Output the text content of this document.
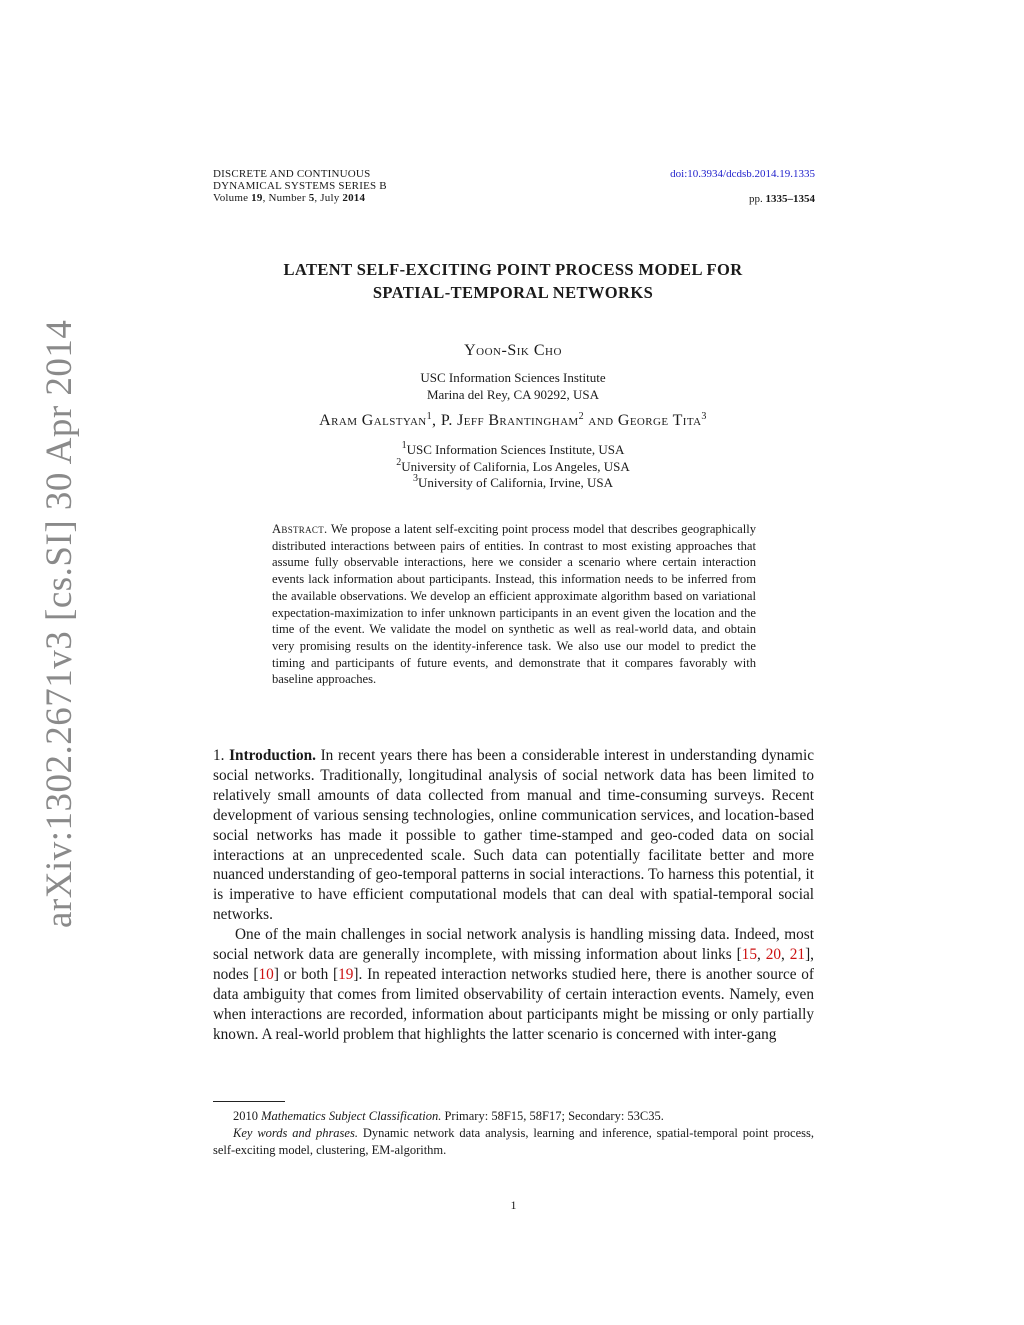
DISCRETE AND CONTINUOUS
DYNAMICAL SYSTEMS SERIES B
Volume 19, Number 5, July 2014
doi:10.3934/dcdsb.2014.19.1335
pp. 1335–1354
LATENT SELF-EXCITING POINT PROCESS MODEL FOR
SPATIAL-TEMPORAL NETWORKS
Yoon-Sik Cho
USC Information Sciences Institute
Marina del Rey, CA 90292, USA
Aram Galstyan$^1$, P. Jeff Brantingham$^2$ and George Tita$^3$
$^1$USC Information Sciences Institute, USA
$^2$University of California, Los Angeles, USA
$^3$University of California, Irvine, USA
Abstract. We propose a latent self-exciting point process model that describes geographically distributed interactions between pairs of entities. In contrast to most existing approaches that assume fully observable interactions, here we consider a scenario where certain interaction events lack information about participants. Instead, this information needs to be inferred from the available observations. We develop an efficient approximate algorithm based on variational expectation-maximization to infer unknown participants in an event given the location and the time of the event. We validate the model on synthetic as well as real-world data, and obtain very promising results on the identity-inference task. We also use our model to predict the timing and participants of future events, and demonstrate that it compares favorably with baseline approaches.

1. Introduction. In recent years there has been a considerable interest in understanding dynamic social networks. Traditionally, longitudinal analysis of social network data has been limited to relatively small amounts of data collected from manual and time-consuming surveys. Recent development of various sensing technologies, online communication services, and location-based social networks has made it possible to gather time-stamped and geo-coded data on social interactions at an unprecedented scale. Such data can potentially facilitate better and more nuanced understanding of geo-temporal patterns in social interactions. To harness this potential, it is imperative to have efficient computational models that can deal with spatial-temporal social networks.

One of the main challenges in social network analysis is handling missing data. Indeed, most social network data are generally incomplete, with missing information about links [15, 20, 21], nodes [10] or both [19]. In repeated interaction networks studied here, there is another source of data ambiguity that comes from limited observability of certain interaction events. Namely, even when interactions are recorded, information about participants might be missing or only partially known. A real-world problem that highlights the latter scenario is concerned with inter-gang

2010 Mathematics Subject Classification. Primary: 58F15, 58F17; Secondary: 53C35.

Key words and phrases. Dynamic network data analysis, learning and inference, spatial-temporal point process, self-exciting model, clustering, EM-algorithm.

1
arXiv:1302.2671v3 [cs.SI] 30 Apr 2014
